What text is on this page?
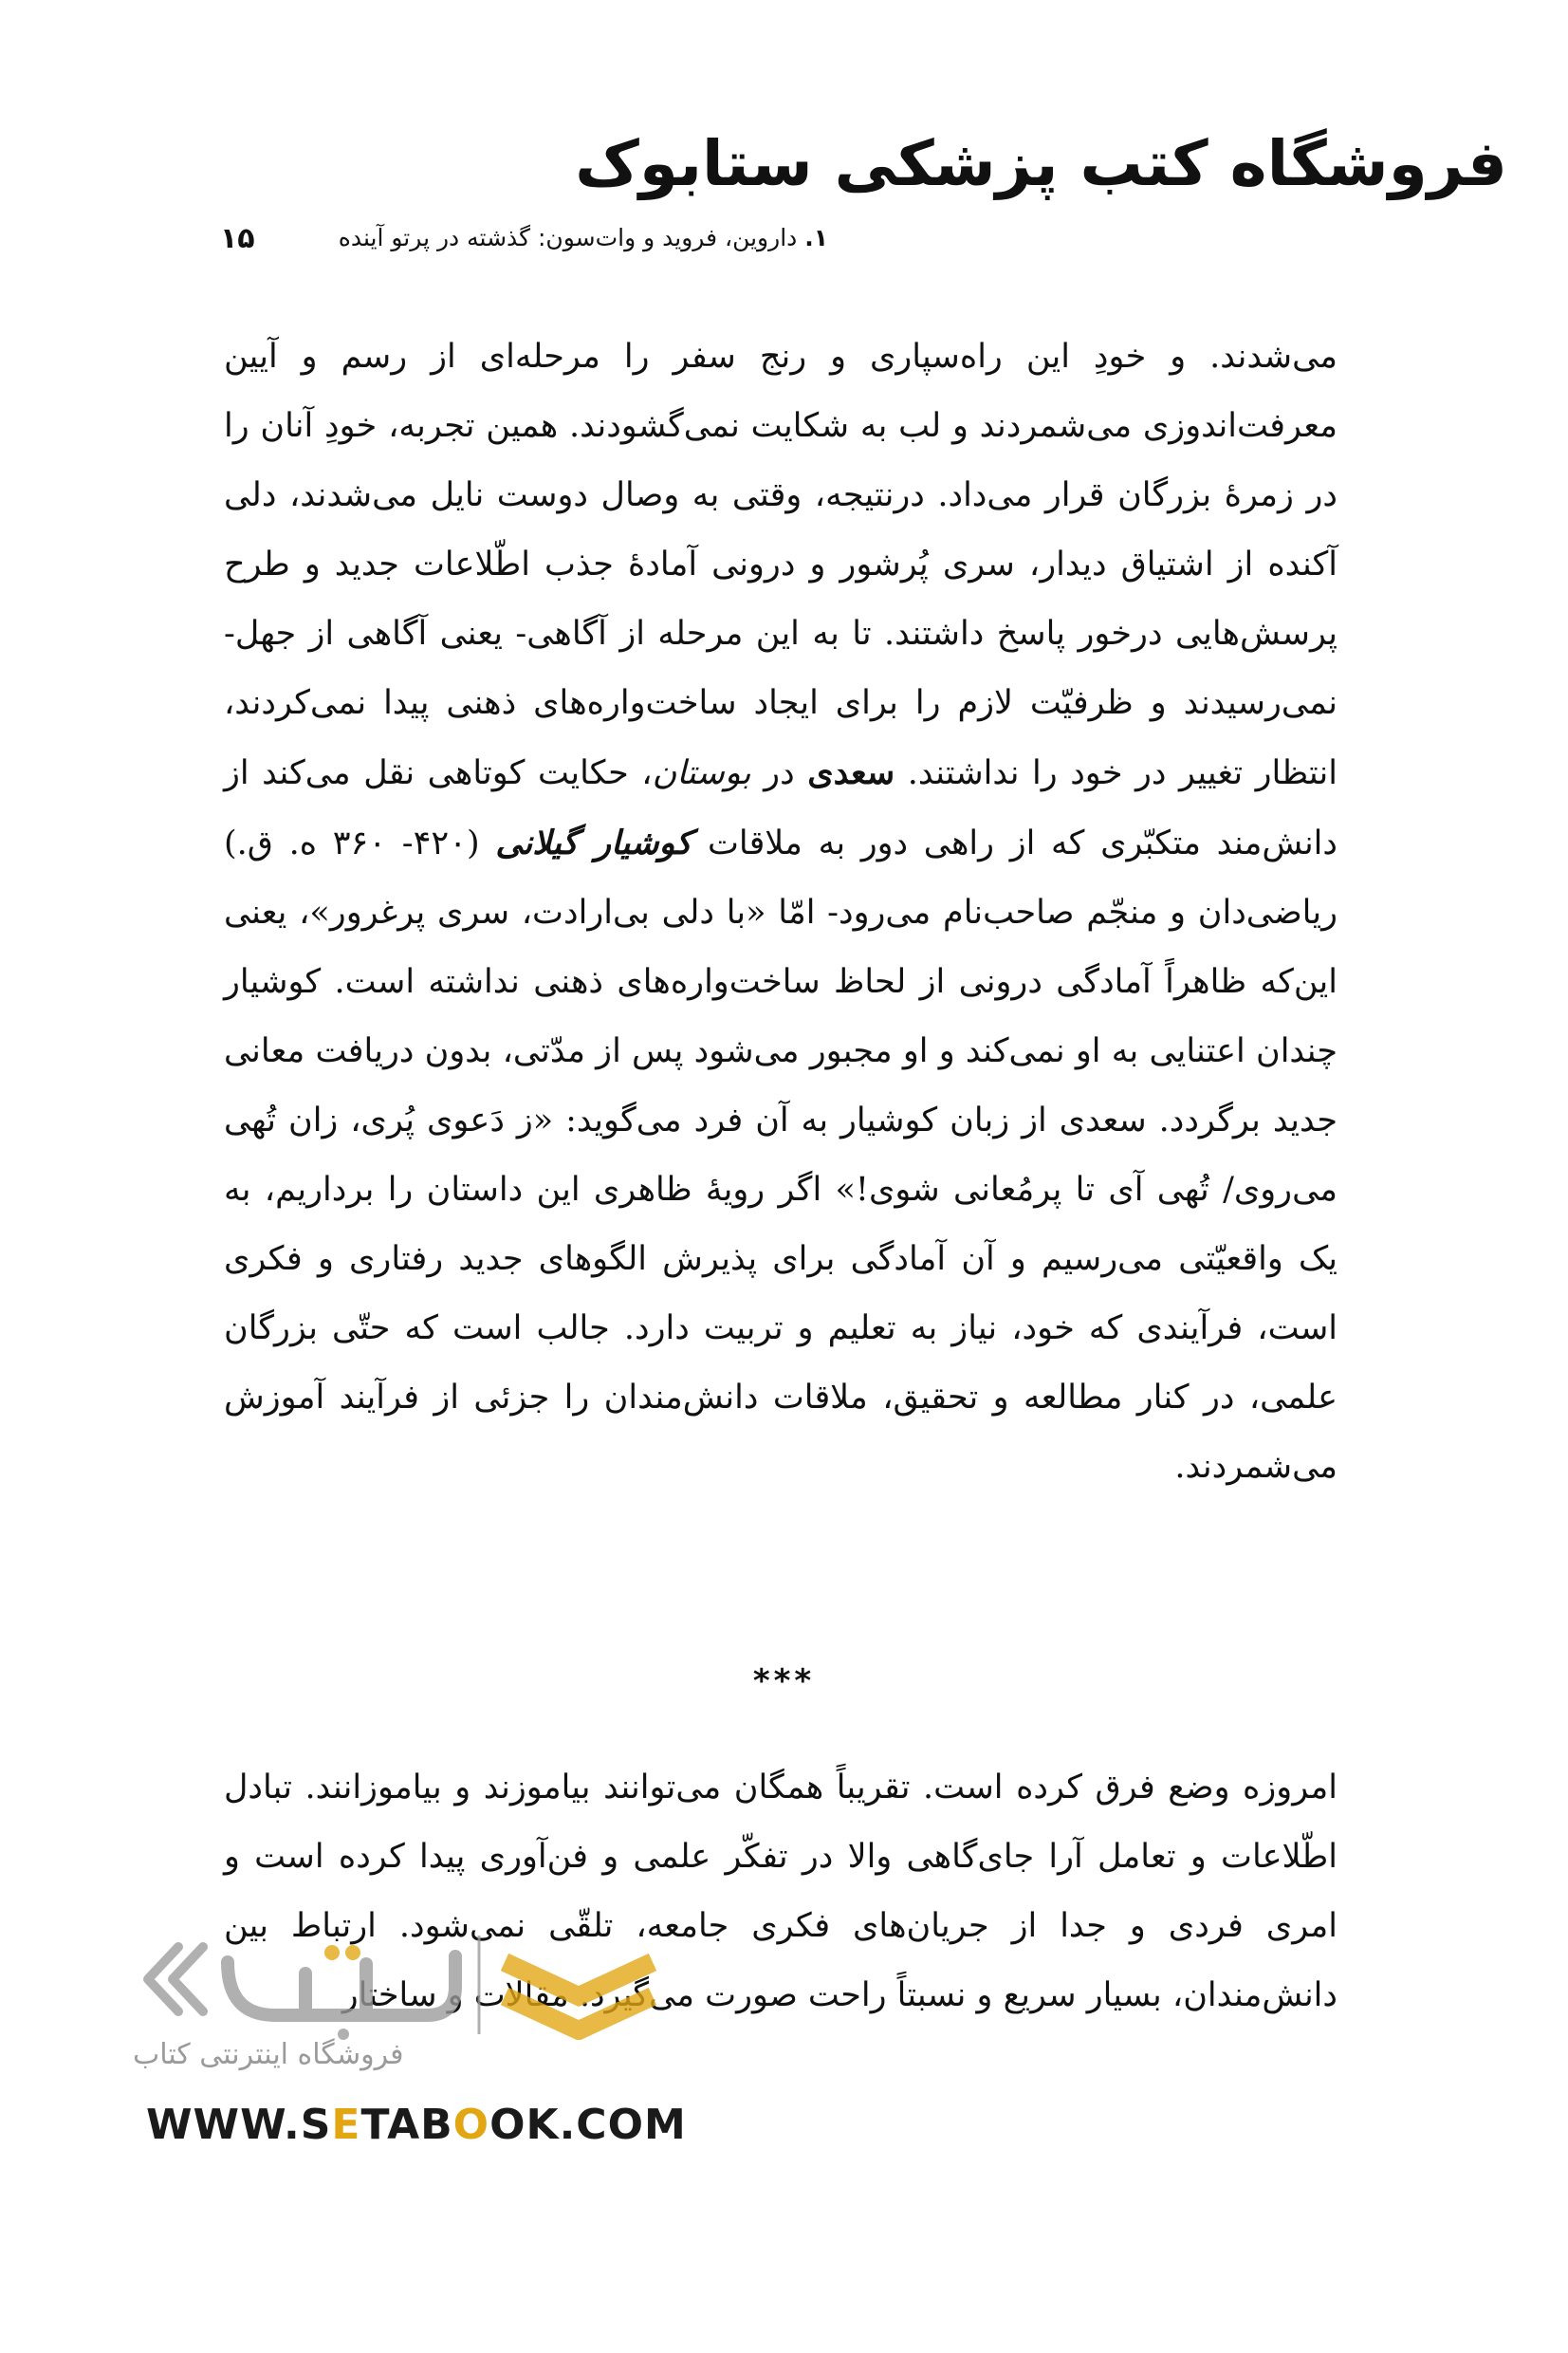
فروشگاه کتب پزشکی ستابوک
۱۵	۱. داروین، فروید و وات‌سون: گذشته در پرتو آینده

می‌شدند. و خودِ این راه‌سپاری و رنج سفر را مرحله‌ای از رسم و آیین معرفت‌اندوزی می‌شمردند و لب به شکایت نمی‌گشودند. همین تجربه، خودِ آنان را در زمرهٔ بزرگان قرار می‌داد. درنتیجه، وقتی به وصال دوست نایل می‌شدند، دلی آکنده از اشتیاق دیدار، سری پُرشور و درونی آمادهٔ جذب اطّلاعات جدید و طرح پرسش‌هایی درخور پاسخ داشتند. تا به این مرحله از آگاهی- یعنی آگاهی از جهل- نمی‌رسیدند و ظرفیّت لازم را برای ایجاد ساخت‌واره‌های ذهنی پیدا نمی‌کردند، انتظار تغییر در خود را نداشتند. سعدی در بوستان، حکایت کوتاهی نقل می‌کند از دانش‌مند متکبّری که از راهی دور به ملاقات کوشیار گیلانی (۴۲۰- ۳۶۰ ه. ق.) ریاضی‌دان و منجّم صاحب‌نام می‌رود- امّا «با دلی بی‌ارادت، سری پرغرور»، یعنی این‌که ظاهراً آمادگی درونی از لحاظ ساخت‌واره‌های ذهنی نداشته است. کوشیار چندان اعتنایی به او نمی‌کند و او مجبور می‌شود پس از مدّتی، بدون دریافت معانی جدید برگردد. سعدی از زبان کوشیار به آن فرد می‌گوید: «ز دَعوی پُری، زان تُهی می‌روی/ تُهی آی تا پرمُعانی شوی!» اگر رویهٔ ظاهری این داستان را برداریم، به یک واقعیّتی می‌رسیم و آن آمادگی برای پذیرش الگوهای جدید رفتاری و فکری است، فرآیندی که خود، نیاز به تعلیم و تربیت دارد. جالب است که حتّی بزرگان علمی، در کنار مطالعه و تحقیق، ملاقات دانش‌مندان را جزئی از فرآیند آموزش می‌شمردند.

***

امروزه وضع فرق کرده است. تقریباً همگان می‌توانند بیاموزند و بیاموزانند. تبادل اطّلاعات و تعامل آرا جای‌گاهی والا در تفکّر علمی و فن‌آوری پیدا کرده است و امری فردی و جدا از جریان‌های فکری جامعه، تلقّی نمی‌شود. ارتباط بین دانش‌مندان، بسیار سریع و نسبتاً راحت صورت می‌گیرد. مقالات و ساختار

فروشگاه اینترنتی کتاب
WWW.SETABOOK.COM
